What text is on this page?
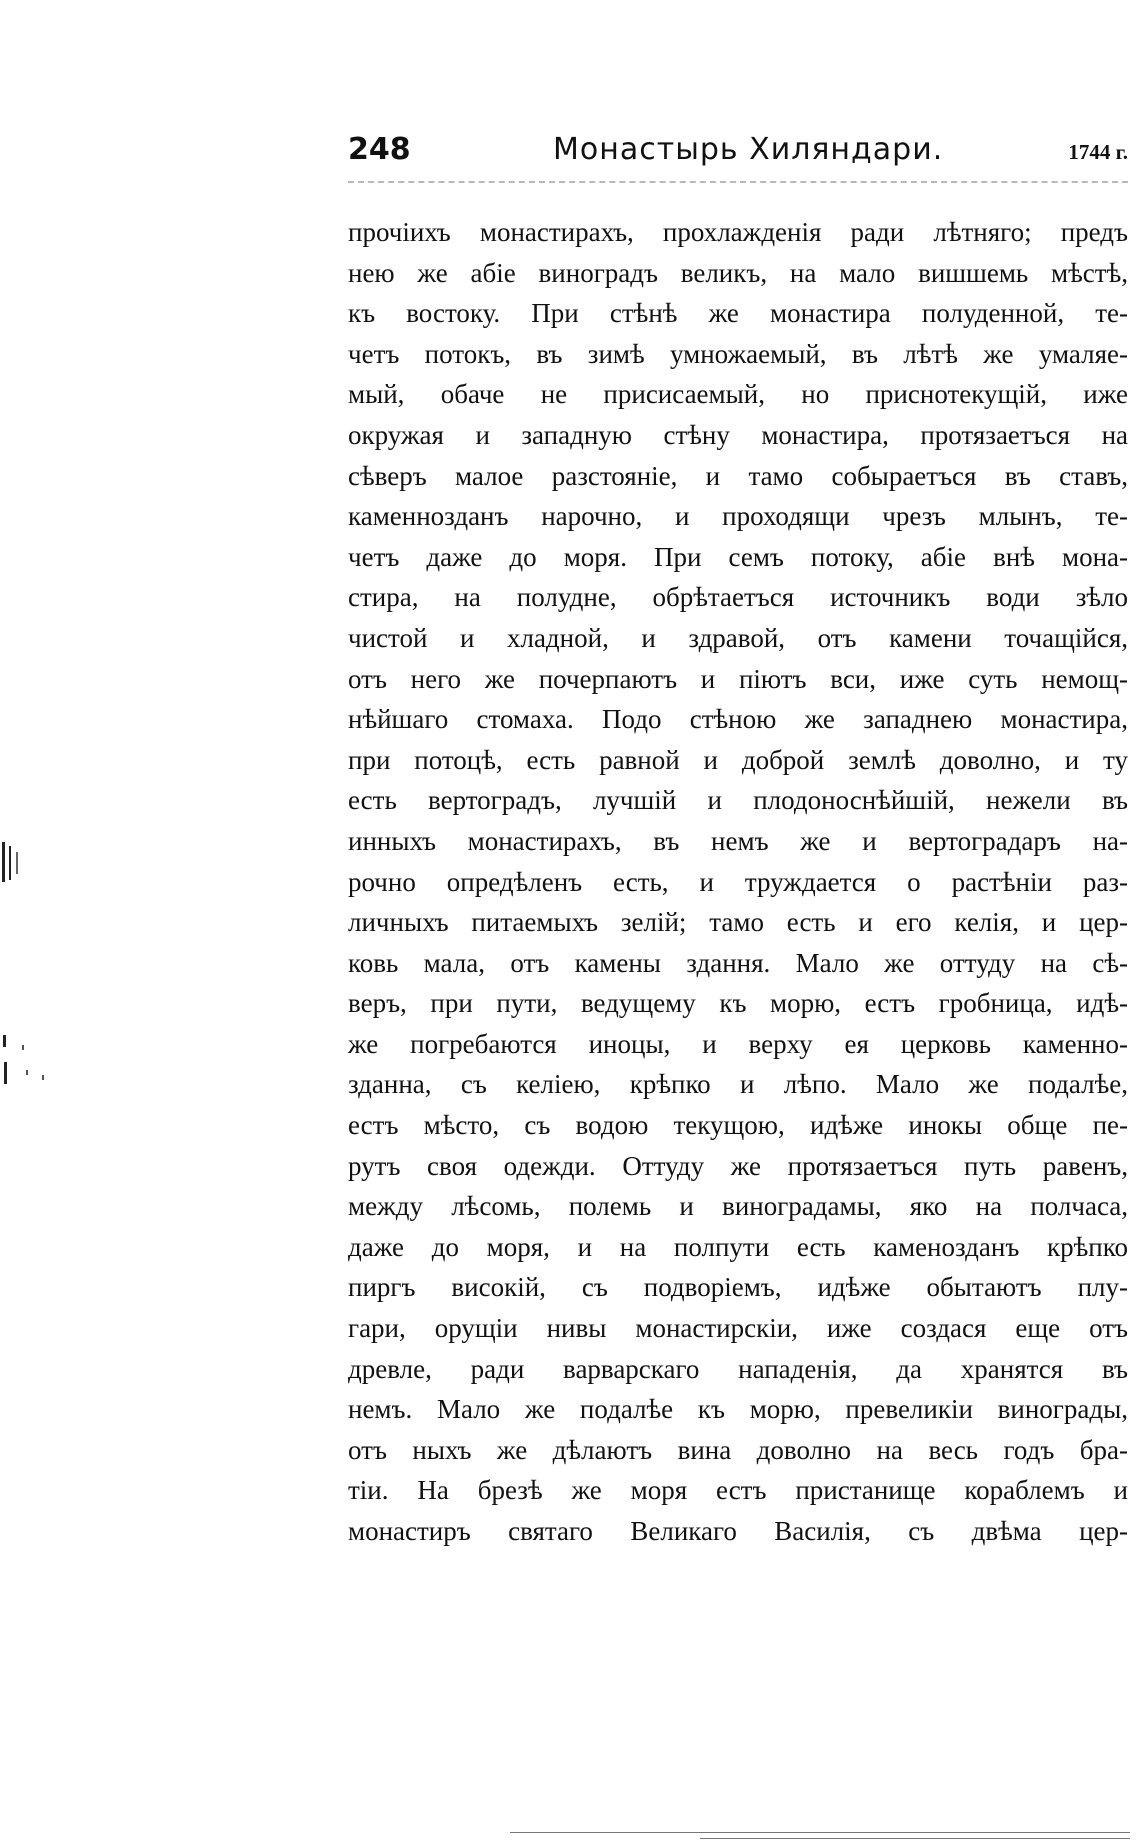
248	Монастырь Хиляндари.	1744 г.
прочіихъ монастирахъ, прохлажденія ради лѣтняго; предъ
нею же абіе виноградъ великъ, на мало вишшемь мѣстѣ,
къ востоку. При стѣнѣ же монастира полуденной, те-
четъ потокъ, въ зимѣ умножаемый, въ лѣтѣ же умаляе-
мый, обаче не присисаемый, но приснотекущій, иже
окружая и западную стѣну монастира, протязаетъся на
сѣверъ малое разстояніе, и тамо собыраетъся въ ставъ,
каменнозданъ нарочно, и проходящи чрезъ млынъ, те-
четъ даже до моря. При семъ потоку, абіе внѣ мона-
стира, на полудне, обрѣтаетъся источникъ води зѣло
чистой и хладной, и здравой, отъ камени точащійся,
отъ него же почерпаютъ и піютъ вси, иже суть немощ-
нѣйшаго стомаха. Подо стѣною же западнею монастира,
при потоцѣ, есть равной и доброй землѣ доволно, и ту
есть вертоградъ, лучшій и плодоноснѣйшій, нежели въ
инныхъ монастирахъ, въ немъ же и вертоградаръ на-
рочно опредѣленъ есть, и труждается о растѣніи раз-
личныхъ питаемыхъ зелій; тамо есть и его келія, и цер-
ковь мала, отъ камены здання. Мало же оттуду на сѣ-
веръ, при пути, ведущему къ морю, естъ гробница, идѣ-
же погребаются иноцы, и верху ея церковь каменно-
зданна, съ келіею, крѣпко и лѣпо. Мало же подалѣе,
естъ мѣсто, съ водою текущою, идѣже инокы обще пе-
рутъ своя одежди. Оттуду же протязаетъся путь равенъ,
между лѣсомь, полемь и виноградамы, яко на полчаса,
даже до моря, и на полпути есть каменозданъ крѣпко
пиргъ високій, съ подворіемъ, идѣже обытаютъ плу-
гари, орущіи нивы монастирскіи, иже создася еще отъ
древле, ради варварскаго нападенія, да хранятся въ
немъ. Мало же подалѣе къ морю, превеликіи винограды,
отъ ныхъ же дѣлаютъ вина доволно на весь годъ бра-
тіи. На брезѣ же моря естъ пристанище кораблемъ и
монастиръ святаго Великаго Василія, съ двѣма цер-
